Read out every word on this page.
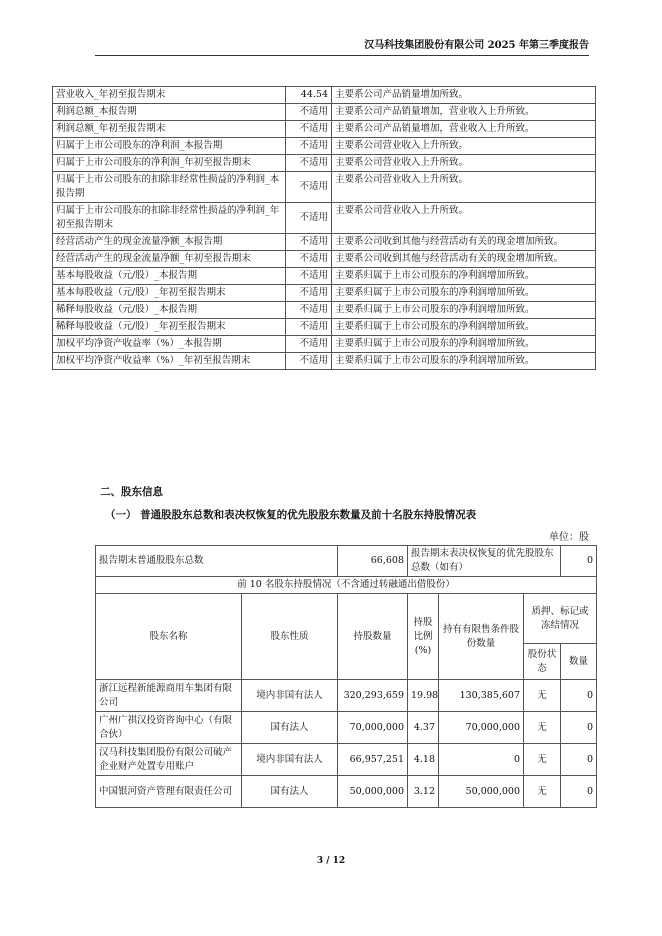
汉马科技集团股份有限公司 2025 年第三季度报告
营业收入_年初至报告期末	44.54	主要系公司产品销量增加所致。
利润总额_本报告期	不适用	主要系公司产品销量增加，营业收入上升所致。
利润总额_年初至报告期末	不适用	主要系公司产品销量增加，营业收入上升所致。
归属于上市公司股东的净利润_本报告期	不适用	主要系公司营业收入上升所致。
归属于上市公司股东的净利润_年初至报告期末	不适用	主要系公司营业收入上升所致。
归属于上市公司股东的扣除非经常性损益的净利润_本报告期	不适用	主要系公司营业收入上升所致。
归属于上市公司股东的扣除非经常性损益的净利润_年初至报告期末	不适用	主要系公司营业收入上升所致。
经营活动产生的现金流量净额_本报告期	不适用	主要系公司收到其他与经营活动有关的现金增加所致。
经营活动产生的现金流量净额_年初至报告期末	不适用	主要系公司收到其他与经营活动有关的现金增加所致。
基本每股收益（元/股）_本报告期	不适用	主要系归属于上市公司股东的净利润增加所致。
基本每股收益（元/股）_年初至报告期末	不适用	主要系归属于上市公司股东的净利润增加所致。
稀释每股收益（元/股）_本报告期	不适用	主要系归属于上市公司股东的净利润增加所致。
稀释每股收益（元/股）_年初至报告期末	不适用	主要系归属于上市公司股东的净利润增加所致。
加权平均净资产收益率（%）_本报告期	不适用	主要系归属于上市公司股东的净利润增加所致。
加权平均净资产收益率（%）_年初至报告期末	不适用	主要系归属于上市公司股东的净利润增加所致。
二、股东信息
（一） 普通股股东总数和表决权恢复的优先股股东数量及前十名股东持股情况表
单位：股
报告期末普通股股东总数		66,608	报告期末表决权恢复的优先股股东总数（如有）			0
前 10 名股东持股情况（不含通过转融通出借股份）						
股东名称	股东性质	持股数量	持股比例(%)	持有有限售条件股份数量	质押、标记或冻结情况	
					股份状态	数量
浙江远程新能源商用车集团有限公司	境内非国有法人	320,293,659	19.98	130,385,607	无	0
广州广祺汉投资咨询中心（有限合伙）	国有法人	70,000,000	4.37	70,000,000	无	0
汉马科技集团股份有限公司破产企业财产处置专用账户	境内非国有法人	66,957,251	4.18	0	无	0
中国银河资产管理有限责任公司	国有法人	50,000,000	3.12	50,000,000	无	0
3 / 12
